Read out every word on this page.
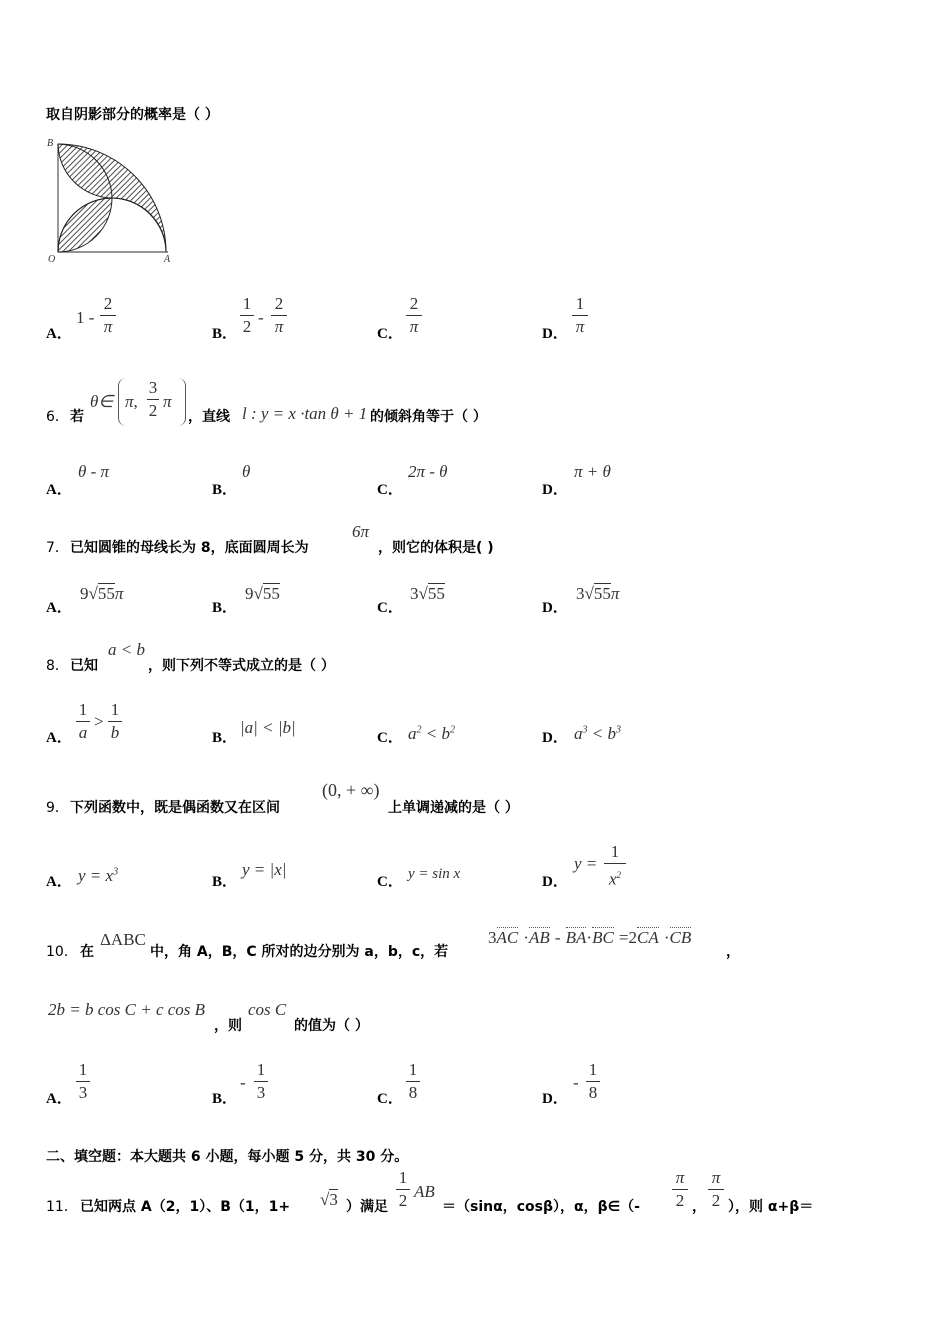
取自阴影部分的概率是（ ）
B
O	A
A．
1 -
2
π	B．
1
2 -
2
π	C．
2
π	D．
1
π
6． 若
θ∈ π,
3
2 π
，直线 l : y = x ·tan θ + 1 的倾斜角等于（ ）
A．
θ - π
B．
θ
C．
2π - θ
D．
π + θ
7． 已知圆锥的母线长为 8，底面圆周长为
6π
，则它的体积是( )
A．
9√55π
B．
9√55
C．
3√55
D．
3√55π
8． 已知
a < b
，则下列不等式成立的是（ ）
A．
1
a
>
1
b	B．
|a| < |b|
C． $a^2 < b^2$
D． $a^3 < b^3$
9． 下列函数中，既是偶函数又在区间
(0, + ∞)
上单调递减的是（ ）
A． $y = x^3$
B．
y = |x|
C． y = sin x	D．
y =
1
$x^2$
10． 在
ΔABC
中，角 A，B，C 所对的边分别为 a，b，c，若
3AC ·AB - BA·BC =2CA ·CB
，
2b = b cos C + c cos B
，则
cos C
的值为（ ）
A．
1
3	B．
-
1
3	C．
1
8	D．
-
1
8
二、填空题：本大题共 6 小题，每小题 5 分，共 30 分。
11． 已知两点 A（2，1）、B（1，1+ √3 ）满足
1
2 AB
＝（sinα，cosβ），α，β∈（-
π
2 ，
π
2 ），则 α+β＝
